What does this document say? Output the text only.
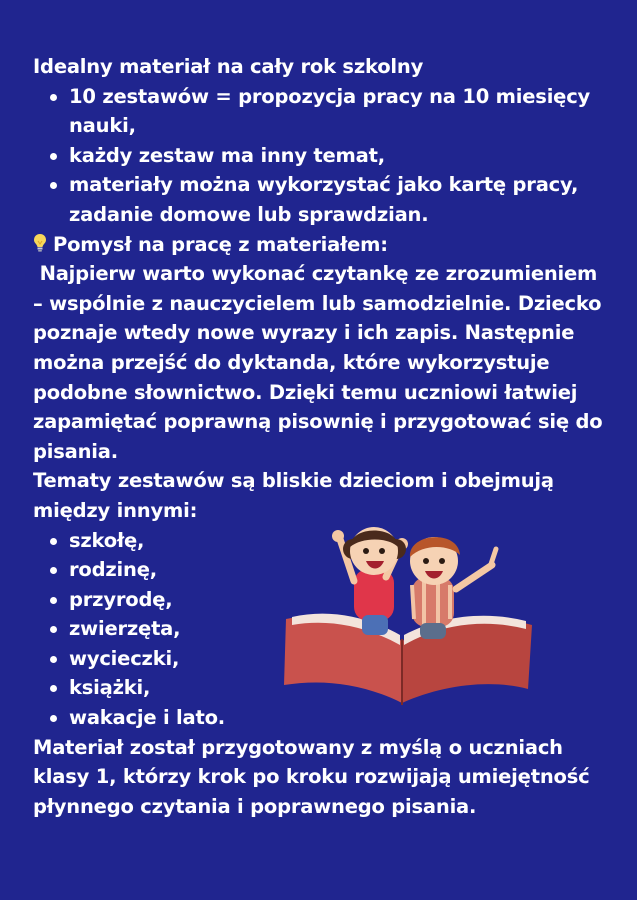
Idealny materiał na cały rok szkolny

10 zestawów = propozycja pracy na 10 miesięcy nauki,
każdy zestaw ma inny temat,
materiały można wykorzystać jako kartę pracy, zadanie domowe lub sprawdzian.

Pomysł na pracę z materiałem:

Najpierw warto wykonać czytankę ze zrozumieniem – wspólnie z nauczycielem lub samodzielnie. Dziecko poznaje wtedy nowe wyrazy i ich zapis. Następnie można przejść do dyktanda, które wykorzystuje podobne słownictwo. Dzięki temu uczniowi łatwiej zapamiętać poprawną pisownię i przygotować się do pisania.

Tematy zestawów są bliskie dzieciom i obejmują między innymi:

szkołę,
rodzinę,
przyrodę,
zwierzęta,
wycieczki,
książki,
wakacje i lato.

Materiał został przygotowany z myślą o uczniach klasy 1, którzy krok po kroku rozwijają umiejętność płynnego czytania i poprawnego pisania.
